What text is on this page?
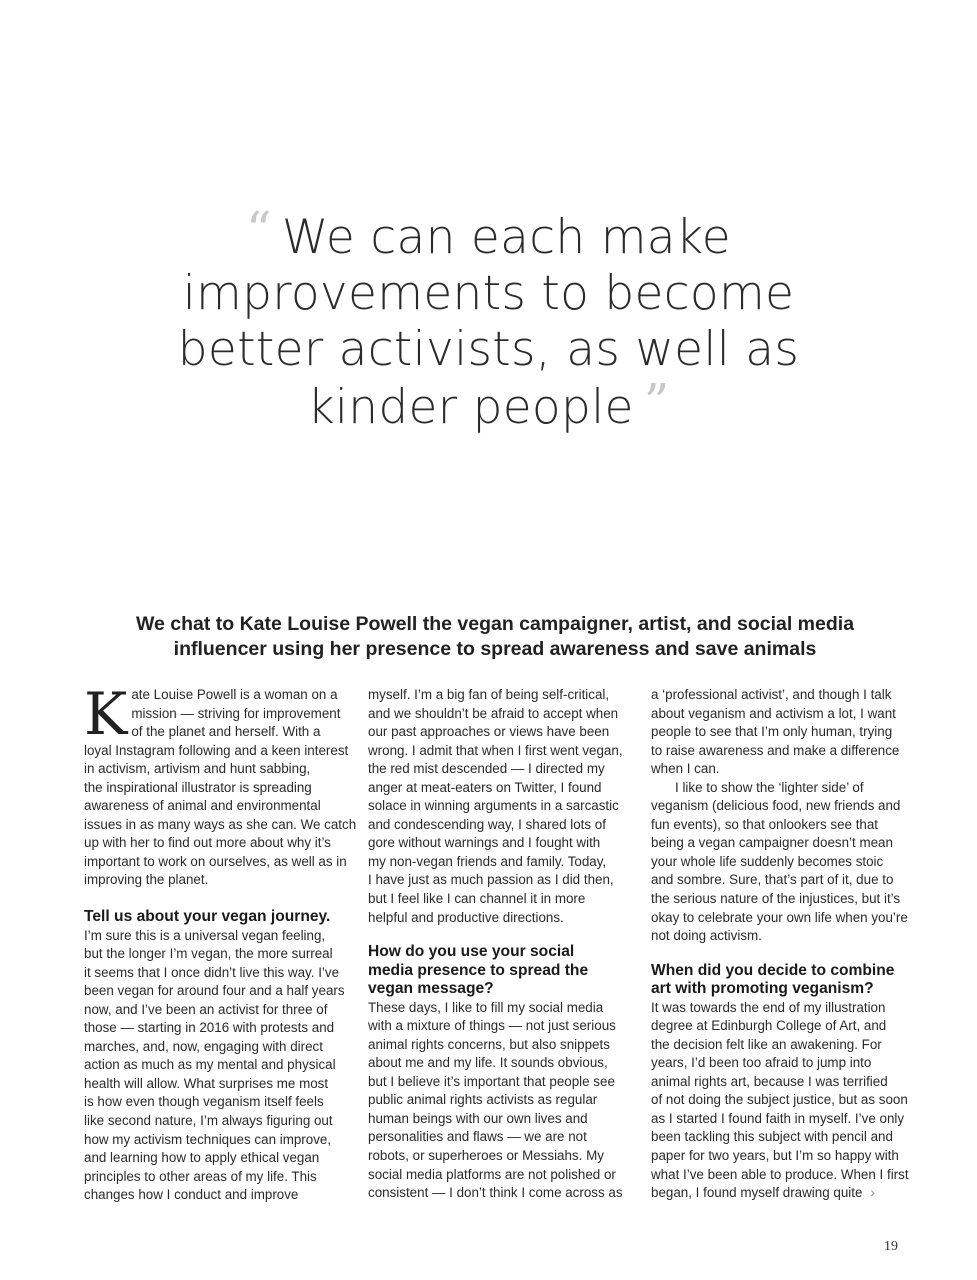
“ We can each make
improvements to become
better activists, as well as
kinder people ”
We chat to Kate Louise Powell the vegan campaigner, artist, and social media
influencer using her presence to spread awareness and save animals
K ate Louise Powell is a woman on a
mission — striving for improvement
of the planet and herself. With a
loyal Instagram following and a keen interest
in activism, artivism and hunt sabbing,
the inspirational illustrator is spreading
awareness of animal and environmental
issues in as many ways as she can. We catch
up with her to find out more about why it’s
important to work on ourselves, as well as in
improving the planet.
Tell us about your vegan journey.
I’m sure this is a universal vegan feeling,
but the longer I’m vegan, the more surreal
it seems that I once didn’t live this way. I’ve
been vegan for around four and a half years
now, and I’ve been an activist for three of
those — starting in 2016 with protests and
marches, and, now, engaging with direct
action as much as my mental and physical
health will allow. What surprises me most
is how even though veganism itself feels
like second nature, I’m always figuring out
how my activism techniques can improve,
and learning how to apply ethical vegan
principles to other areas of my life. This
changes how I conduct and improve
myself. I’m a big fan of being self-critical,
and we shouldn’t be afraid to accept when
our past approaches or views have been
wrong. I admit that when I first went vegan,
the red mist descended — I directed my
anger at meat-eaters on Twitter, I found
solace in winning arguments in a sarcastic
and condescending way, I shared lots of
gore without warnings and I fought with
my non-vegan friends and family. Today,
I have just as much passion as I did then,
but I feel like I can channel it in more
helpful and productive directions.
How do you use your social
media presence to spread the
vegan message?
These days, I like to fill my social media
with a mixture of things — not just serious
animal rights concerns, but also snippets
about me and my life. It sounds obvious,
but I believe it’s important that people see
public animal rights activists as regular
human beings with our own lives and
personalities and flaws — we are not
robots, or superheroes or Messiahs. My
social media platforms are not polished or
consistent — I don’t think I come across as
a ‘professional activist’, and though I talk
about veganism and activism a lot, I want
people to see that I’m only human, trying
to raise awareness and make a difference
when I can.
I like to show the ‘lighter side’ of
veganism (delicious food, new friends and
fun events), so that onlookers see that
being a vegan campaigner doesn’t mean
your whole life suddenly becomes stoic
and sombre. Sure, that’s part of it, due to
the serious nature of the injustices, but it’s
okay to celebrate your own life when you’re
not doing activism.
When did you decide to combine
art with promoting veganism?
It was towards the end of my illustration
degree at Edinburgh College of Art, and
the decision felt like an awakening. For
years, I’d been too afraid to jump into
animal rights art, because I was terrified
of not doing the subject justice, but as soon
as I started I found faith in myself. I’ve only
been tackling this subject with pencil and
paper for two years, but I’m so happy with
what I’ve been able to produce. When I first
began, I found myself drawing quite ›
19
